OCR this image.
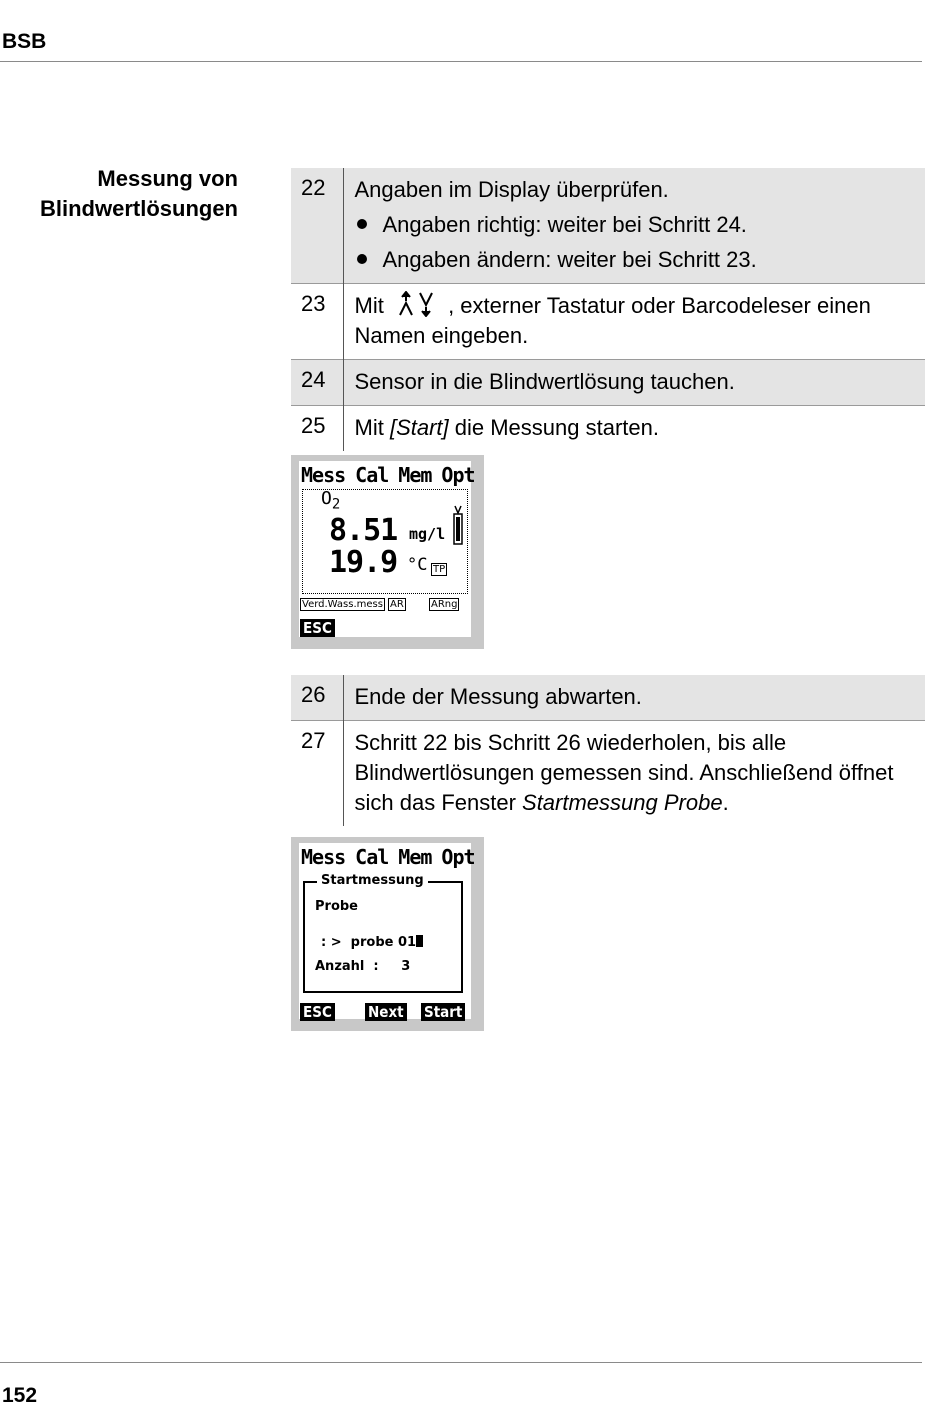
BSB
Messung von
Blindwertlösungen
22	Angaben im Display überprüfen.
Angaben richtig: weiter bei Schritt 24.
Angaben ändern: weiter bei Schritt 23.

23	Mit , externer Tastatur oder Barcodeleser einen Namen eingeben.
24	Sensor in die Blindwertlösung tauchen.
25	Mit [Start] die Messung starten.
Mess Cal Mem Opt
$O_2$
8.51 mg/l
19.9 °C TP
Verd.Wass.mess AR	ARng
ESC
26	Ende der Messung abwarten.
27	Schritt 22 bis Schritt 26 wiederholen, bis alle Blindwertlösungen gemessen sind. Anschließend öffnet sich das Fenster Startmessung Probe.
Mess Cal Mem Opt
Startmessung
Probe
: >  probe 01
Anzahl  :     3
ESC Next Start
152
